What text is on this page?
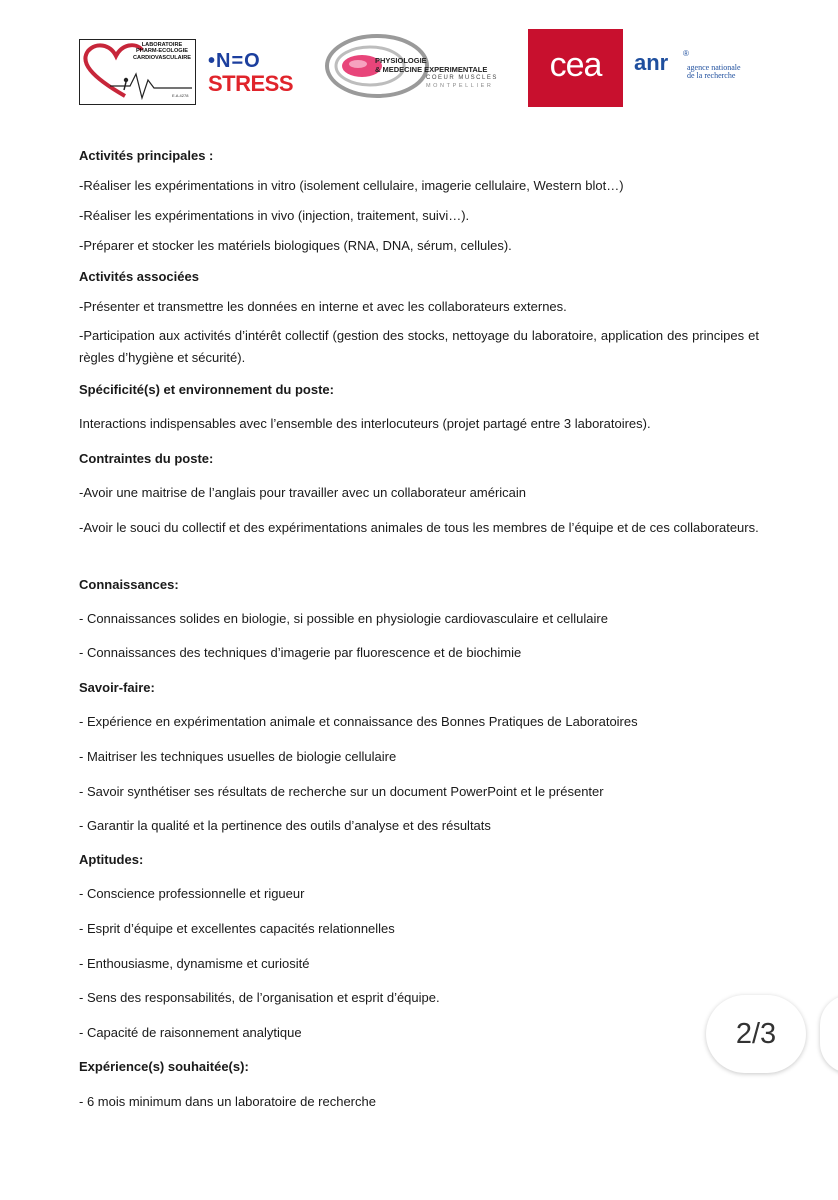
LABORATOIRE
PHARM-ECOLOGIE
CARDIOVASCULAIRE
E.A.4278
•N=O
STRESS
PHYSIOLOGIE
& MEDECINE EXPERIMENTALE
COEUR MUSCLES
MONTPELLIER
cea	anr ®
agence nationale
de la recherche
Activités principales :
-Réaliser les expérimentations in vitro (isolement cellulaire, imagerie cellulaire, Western blot…)
-Réaliser les expérimentations in vivo (injection, traitement, suivi…).
-Préparer et stocker les matériels biologiques (RNA, DNA, sérum, cellules).
Activités associées
-Présenter et transmettre les données en interne et avec les collaborateurs externes.
-Participation aux activités d’intérêt collectif (gestion des stocks, nettoyage du laboratoire, application des principes et règles d’hygiène et sécurité).
Spécificité(s) et environnement du poste:
Interactions indispensables avec l’ensemble des interlocuteurs (projet partagé entre 3 laboratoires).
Contraintes du poste:
-Avoir une maitrise de l’anglais pour travailler avec un collaborateur américain
-Avoir le souci du collectif et des expérimentations animales de tous les membres de l’équipe et de ces collaborateurs.
Connaissances:
- Connaissances solides en biologie, si possible en physiologie cardiovasculaire et cellulaire
- Connaissances des techniques d’imagerie par fluorescence et de biochimie
Savoir-faire:
- Expérience en expérimentation animale et connaissance des Bonnes Pratiques de Laboratoires
- Maitriser les techniques usuelles de biologie cellulaire
- Savoir synthétiser ses résultats de recherche sur un document PowerPoint et le présenter
- Garantir la qualité et la pertinence des outils d’analyse et des résultats
Aptitudes:
- Conscience professionnelle et rigueur
- Esprit d’équipe et excellentes capacités relationnelles
- Enthousiasme, dynamisme et curiosité
- Sens des responsabilités, de l’organisation et esprit d’équipe.
- Capacité de raisonnement analytique
Expérience(s) souhaitée(s):
- 6 mois minimum dans un laboratoire de recherche
2/3
